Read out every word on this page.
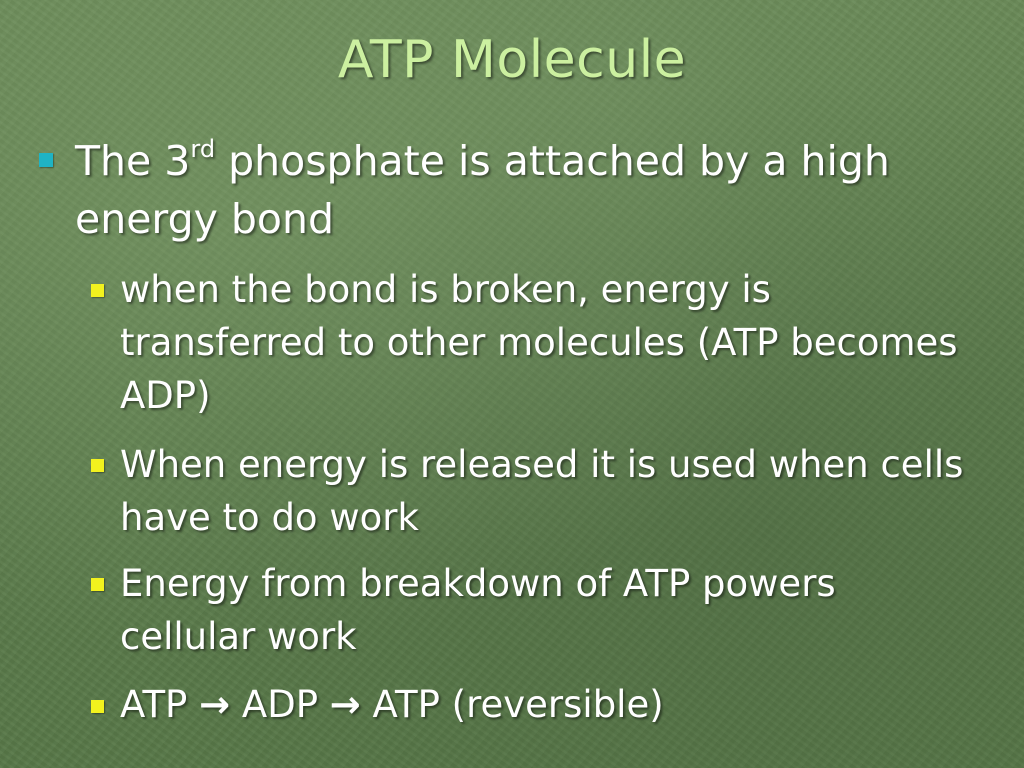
ATP Molecule
The 3rd phosphate is attached by a high energy bond
when the bond is broken, energy is transferred to other molecules (ATP becomes ADP)
When energy is released it is used when cells have to do work
Energy from breakdown of ATP powers cellular work
ATP → ADP → ATP (reversible)
